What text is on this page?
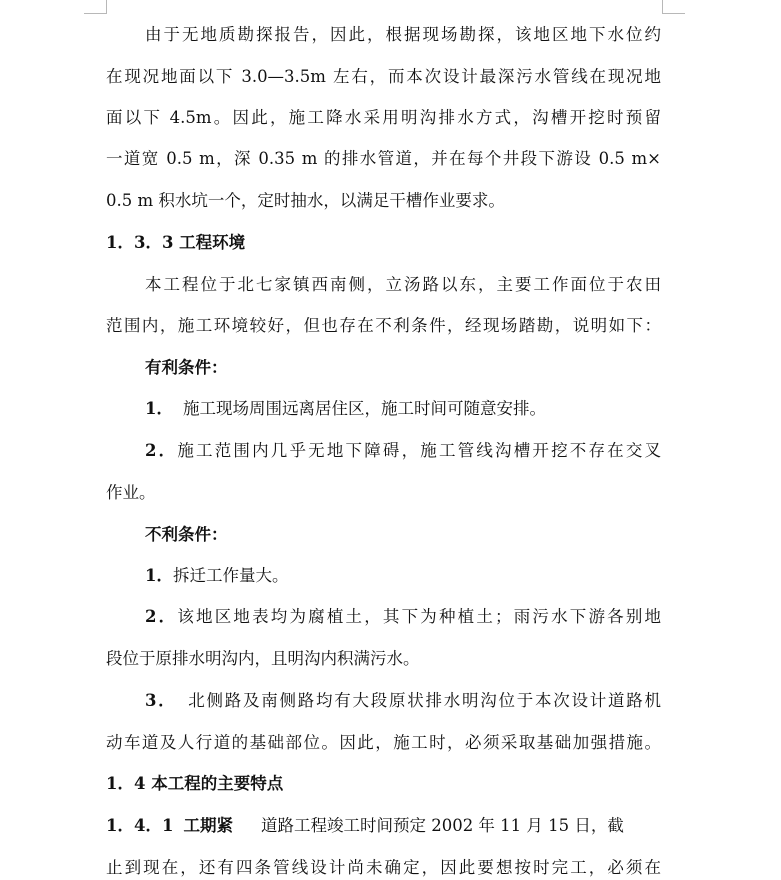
由于无地质勘探报告，因此，根据现场勘探，该地区地下水位约
在现况地面以下 3.0—3.5m 左右，而本次设计最深污水管线在现况地
面以下 4.5m。因此，施工降水采用明沟排水方式，沟槽开挖时预留
一道宽 0.5 m，深 0.35 m 的排水管道，并在每个井段下游设 0.5 m×
0.5 m 积水坑一个，定时抽水，以满足干槽作业要求。
1．3．3 工程环境
本工程位于北七家镇西南侧，立汤路以东，主要工作面位于农田
范围内，施工环境较好，但也存在不利条件，经现场踏勘，说明如下：
有利条件：
1． 施工现场周围远离居住区，施工时间可随意安排。
2．施工范围内几乎无地下障碍，施工管线沟槽开挖不存在交叉
作业。
不利条件：
1．拆迁工作量大。
2．该地区地表均为腐植土，其下为种植土；雨污水下游各别地
段位于原排水明沟内，且明沟内积满污水。
3． 北侧路及南侧路均有大段原状排水明沟位于本次设计道路机
动车道及人行道的基础部位。因此，施工时，必须采取基础加强措施。
1．4 本工程的主要特点
1．4．1 工期紧 道路工程竣工时间预定 2002 年 11 月 15 日，截
止到现在，还有四条管线设计尚未确定，因此要想按时完工，必须在
